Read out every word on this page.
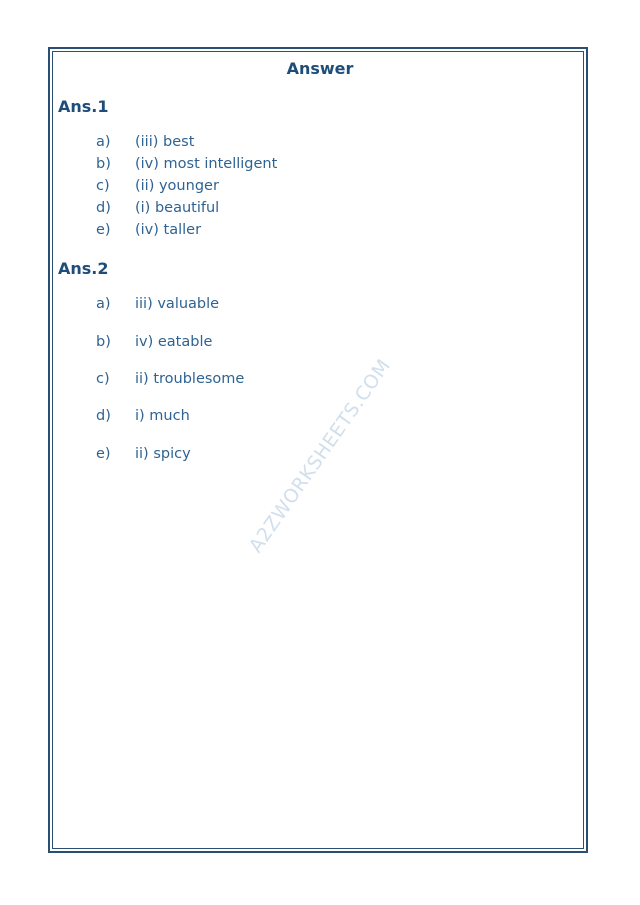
Answer
Ans.1
a) (iii) best
b) (iv) most intelligent
c) (ii) younger
d) (i) beautiful
e) (iv) taller
Ans.2
a) iii) valuable
b) iv) eatable
c) ii) troublesome
d) i) much
e) ii) spicy	A2ZWORKSHEETS.COM
